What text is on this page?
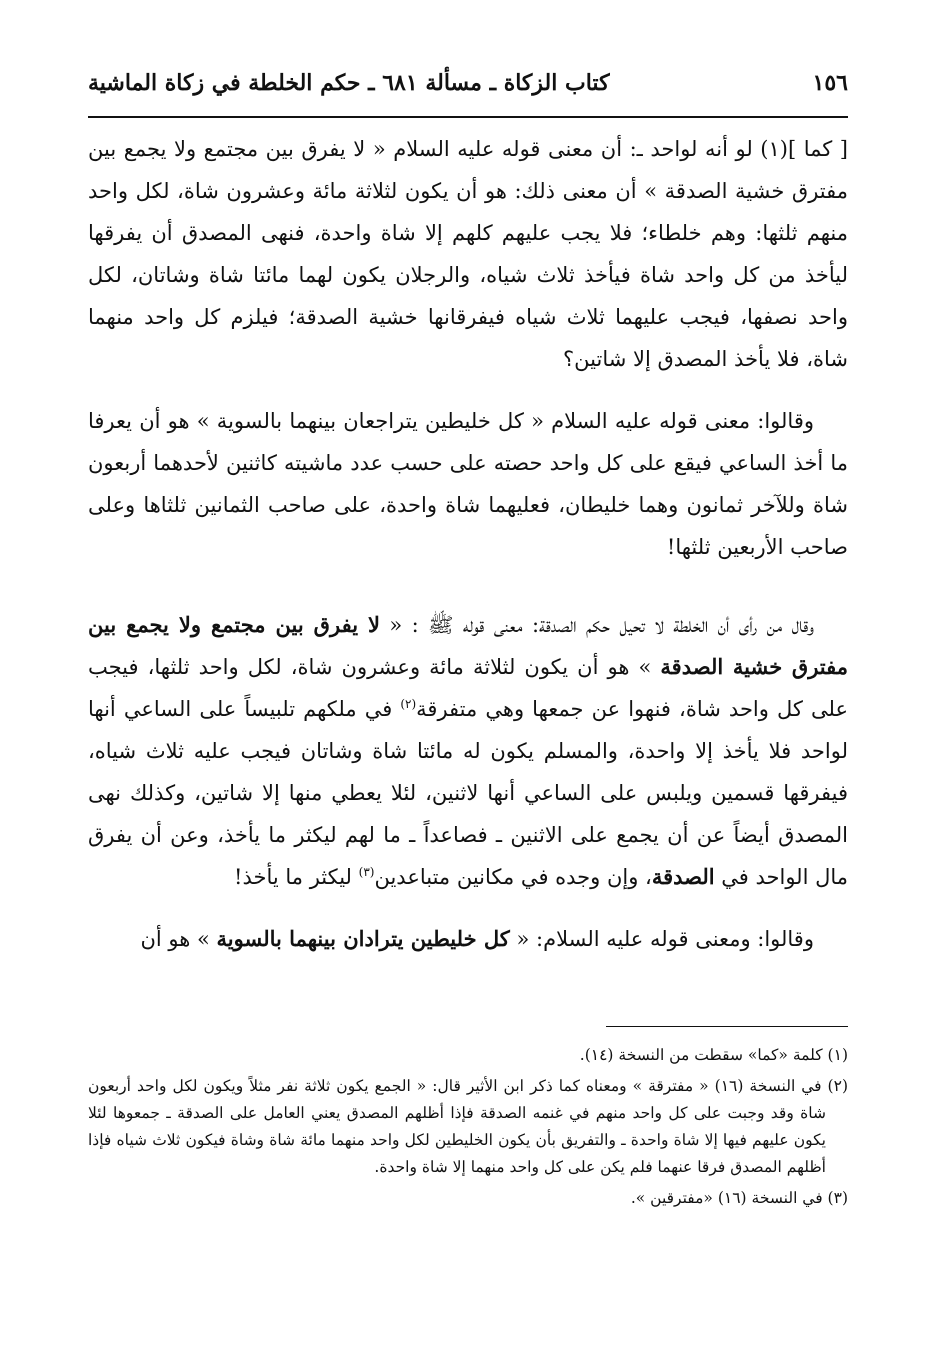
١٥٦
كتاب الزكاة ـ مسألة ٦٨١ ـ حكم الخلطة في زكاة الماشية

[ كما ](١) لو أنه لواحد ـ: أن معنى قوله عليه السلام « لا يفرق بين مجتمع ولا يجمع بين مفترق خشية الصدقة » أن معنى ذلك: هو أن يكون لثلاثة مائة وعشرون شاة، لكل واحد منهم ثلثها: وهم خلطاء؛ فلا يجب عليهم كلهم إلا شاة واحدة، فنهى المصدق أن يفرقها ليأخذ من كل واحد شاة فيأخذ ثلاث شياه، والرجلان يكون لهما مائتا شاة وشاتان، لكل واحد نصفها، فيجب عليهما ثلاث شياه فيفرقانها خشية الصدقة؛ فيلزم كل واحد منهما شاة، فلا يأخذ المصدق إلا شاتين؟

وقالوا: معنى قوله عليه السلام « كل خليطين يتراجعان بينهما بالسوية » هو أن يعرفا ما أخذ الساعي فيقع على كل واحد حصته على حسب عدد ماشيته كاثنين لأحدهما أربعون شاة وللآخر ثمانون وهما خليطان، فعليهما شاة واحدة، على صاحب الثمانين ثلثاها وعلى صاحب الأربعين ثلثها!

وقال من رأى أن الخلطة لا تحيل حكم الصدقة: معنى قوله ﷺ : « لا يفرق بين مجتمع ولا يجمع بين مفترق خشية الصدقة » هو أن يكون لثلاثة مائة وعشرون شاة، لكل واحد ثلثها، فيجب على كل واحد شاة، فنهوا عن جمعها وهي متفرقة$^{(٢)}$ في ملكهم تلبيساً على الساعي أنها لواحد فلا يأخذ إلا واحدة، والمسلم يكون له مائتا شاة وشاتان فيجب عليه ثلاث شياه، فيفرقها قسمين ويلبس على الساعي أنها لاثنين، لئلا يعطي منها إلا شاتين، وكذلك نهى المصدق أيضاً عن أن يجمع على الاثنين ـ فصاعداً ـ ما لهم ليكثر ما يأخذ، وعن أن يفرق مال الواحد في الصدقة، وإن وجده في مكانين متباعدين$^{(٣)}$ ليكثر ما يأخذ!

وقالوا: ومعنى قوله عليه السلام: « كل خليطين يترادان بينهما بالسوية » هو أن

(١) كلمة «كما» سقطت من النسخة (١٤).

(٢) في النسخة (١٦) « مفترقة » ومعناه كما ذكر ابن الأثير قال: « الجمع يكون ثلاثة نفر مثلاً ويكون لكل واحد أربعون شاة وقد وجبت على كل واحد منهم في غنمه الصدقة فإذا أظلهم المصدق يعني العامل على الصدقة ـ جمعوها لئلا يكون عليهم فيها إلا شاة واحدة ـ والتفريق بأن يكون الخليطين لكل واحد منهما مائة شاة وشاة فيكون ثلاث شياه فإذا أظلهم المصدق فرقا عنهما فلم يكن على كل واحد منهما إلا شاة واحدة.

(٣) في النسخة (١٦) «مفترقين ».
